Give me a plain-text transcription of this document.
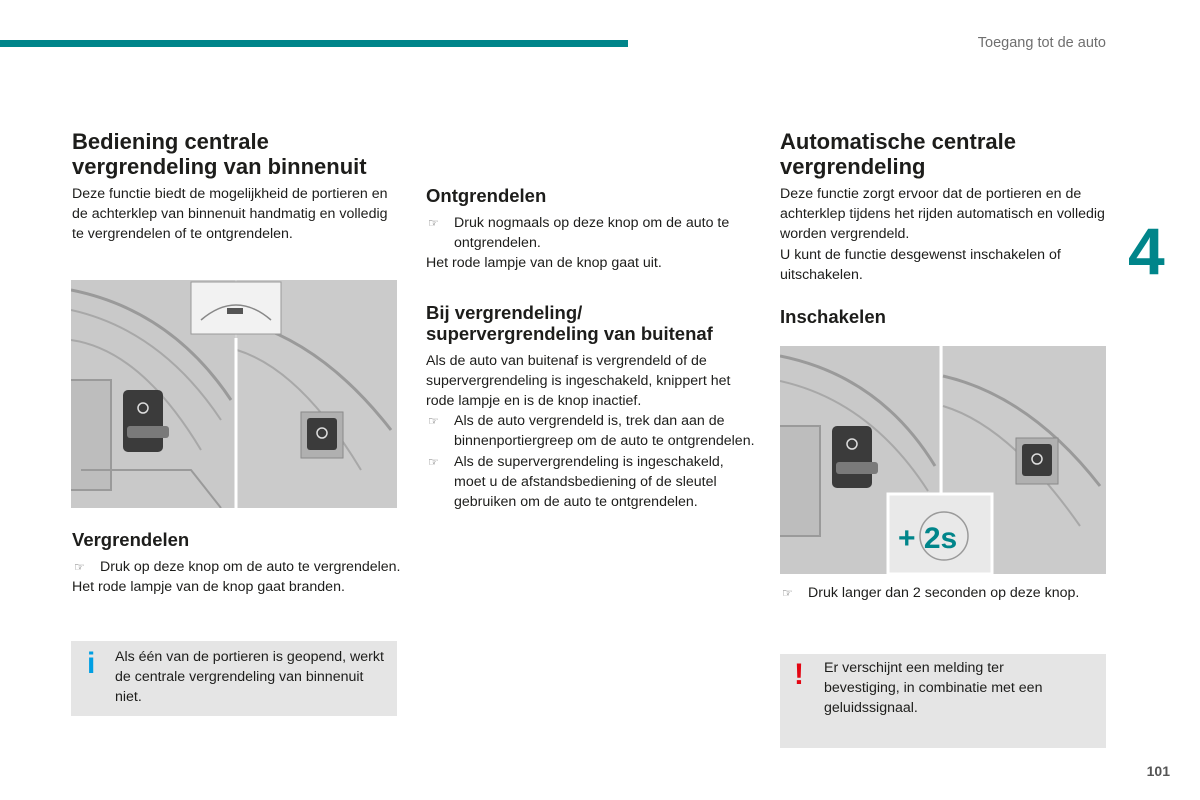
Toegang tot de auto
4
101
Bediening centrale vergrendeling van binnenuit

Deze functie biedt de mogelijkheid de portieren en de achterklep van binnenuit handmatig en volledig te vergrendelen of te ontgrendelen.

Vergrendelen
☞ Druk op deze knop om de auto te vergrendelen.

Het rode lampje van de knop gaat branden.

i Als één van de portieren is geopend, werkt de centrale vergrendeling van binnenuit niet.
Ontgrendelen
☞ Druk nogmaals op deze knop om de auto te ontgrendelen.

Het rode lampje van de knop gaat uit.

Bij vergrendeling/ supervergrendeling van buitenaf

Als de auto van buitenaf is vergrendeld of de supervergrendeling is ingeschakeld, knippert het rode lampje en is de knop inactief.

☞ Als de auto vergrendeld is, trek dan aan de binnenportiergreep om de auto te ontgrendelen.
☞ Als de supervergrendeling is ingeschakeld, moet u de afstandsbediening of de sleutel gebruiken om de auto te ontgrendelen.
Automatische centrale vergrendeling

Deze functie zorgt ervoor dat de portieren en de achterklep tijdens het rijden automatisch en volledig worden vergrendeld.

U kunt de functie desgewenst inschakelen of uitschakelen.

Inschakelen
+ 2s
☞ Druk langer dan 2 seconden op deze knop.
! Er verschijnt een melding ter bevestiging, in combinatie met een geluidssignaal.
